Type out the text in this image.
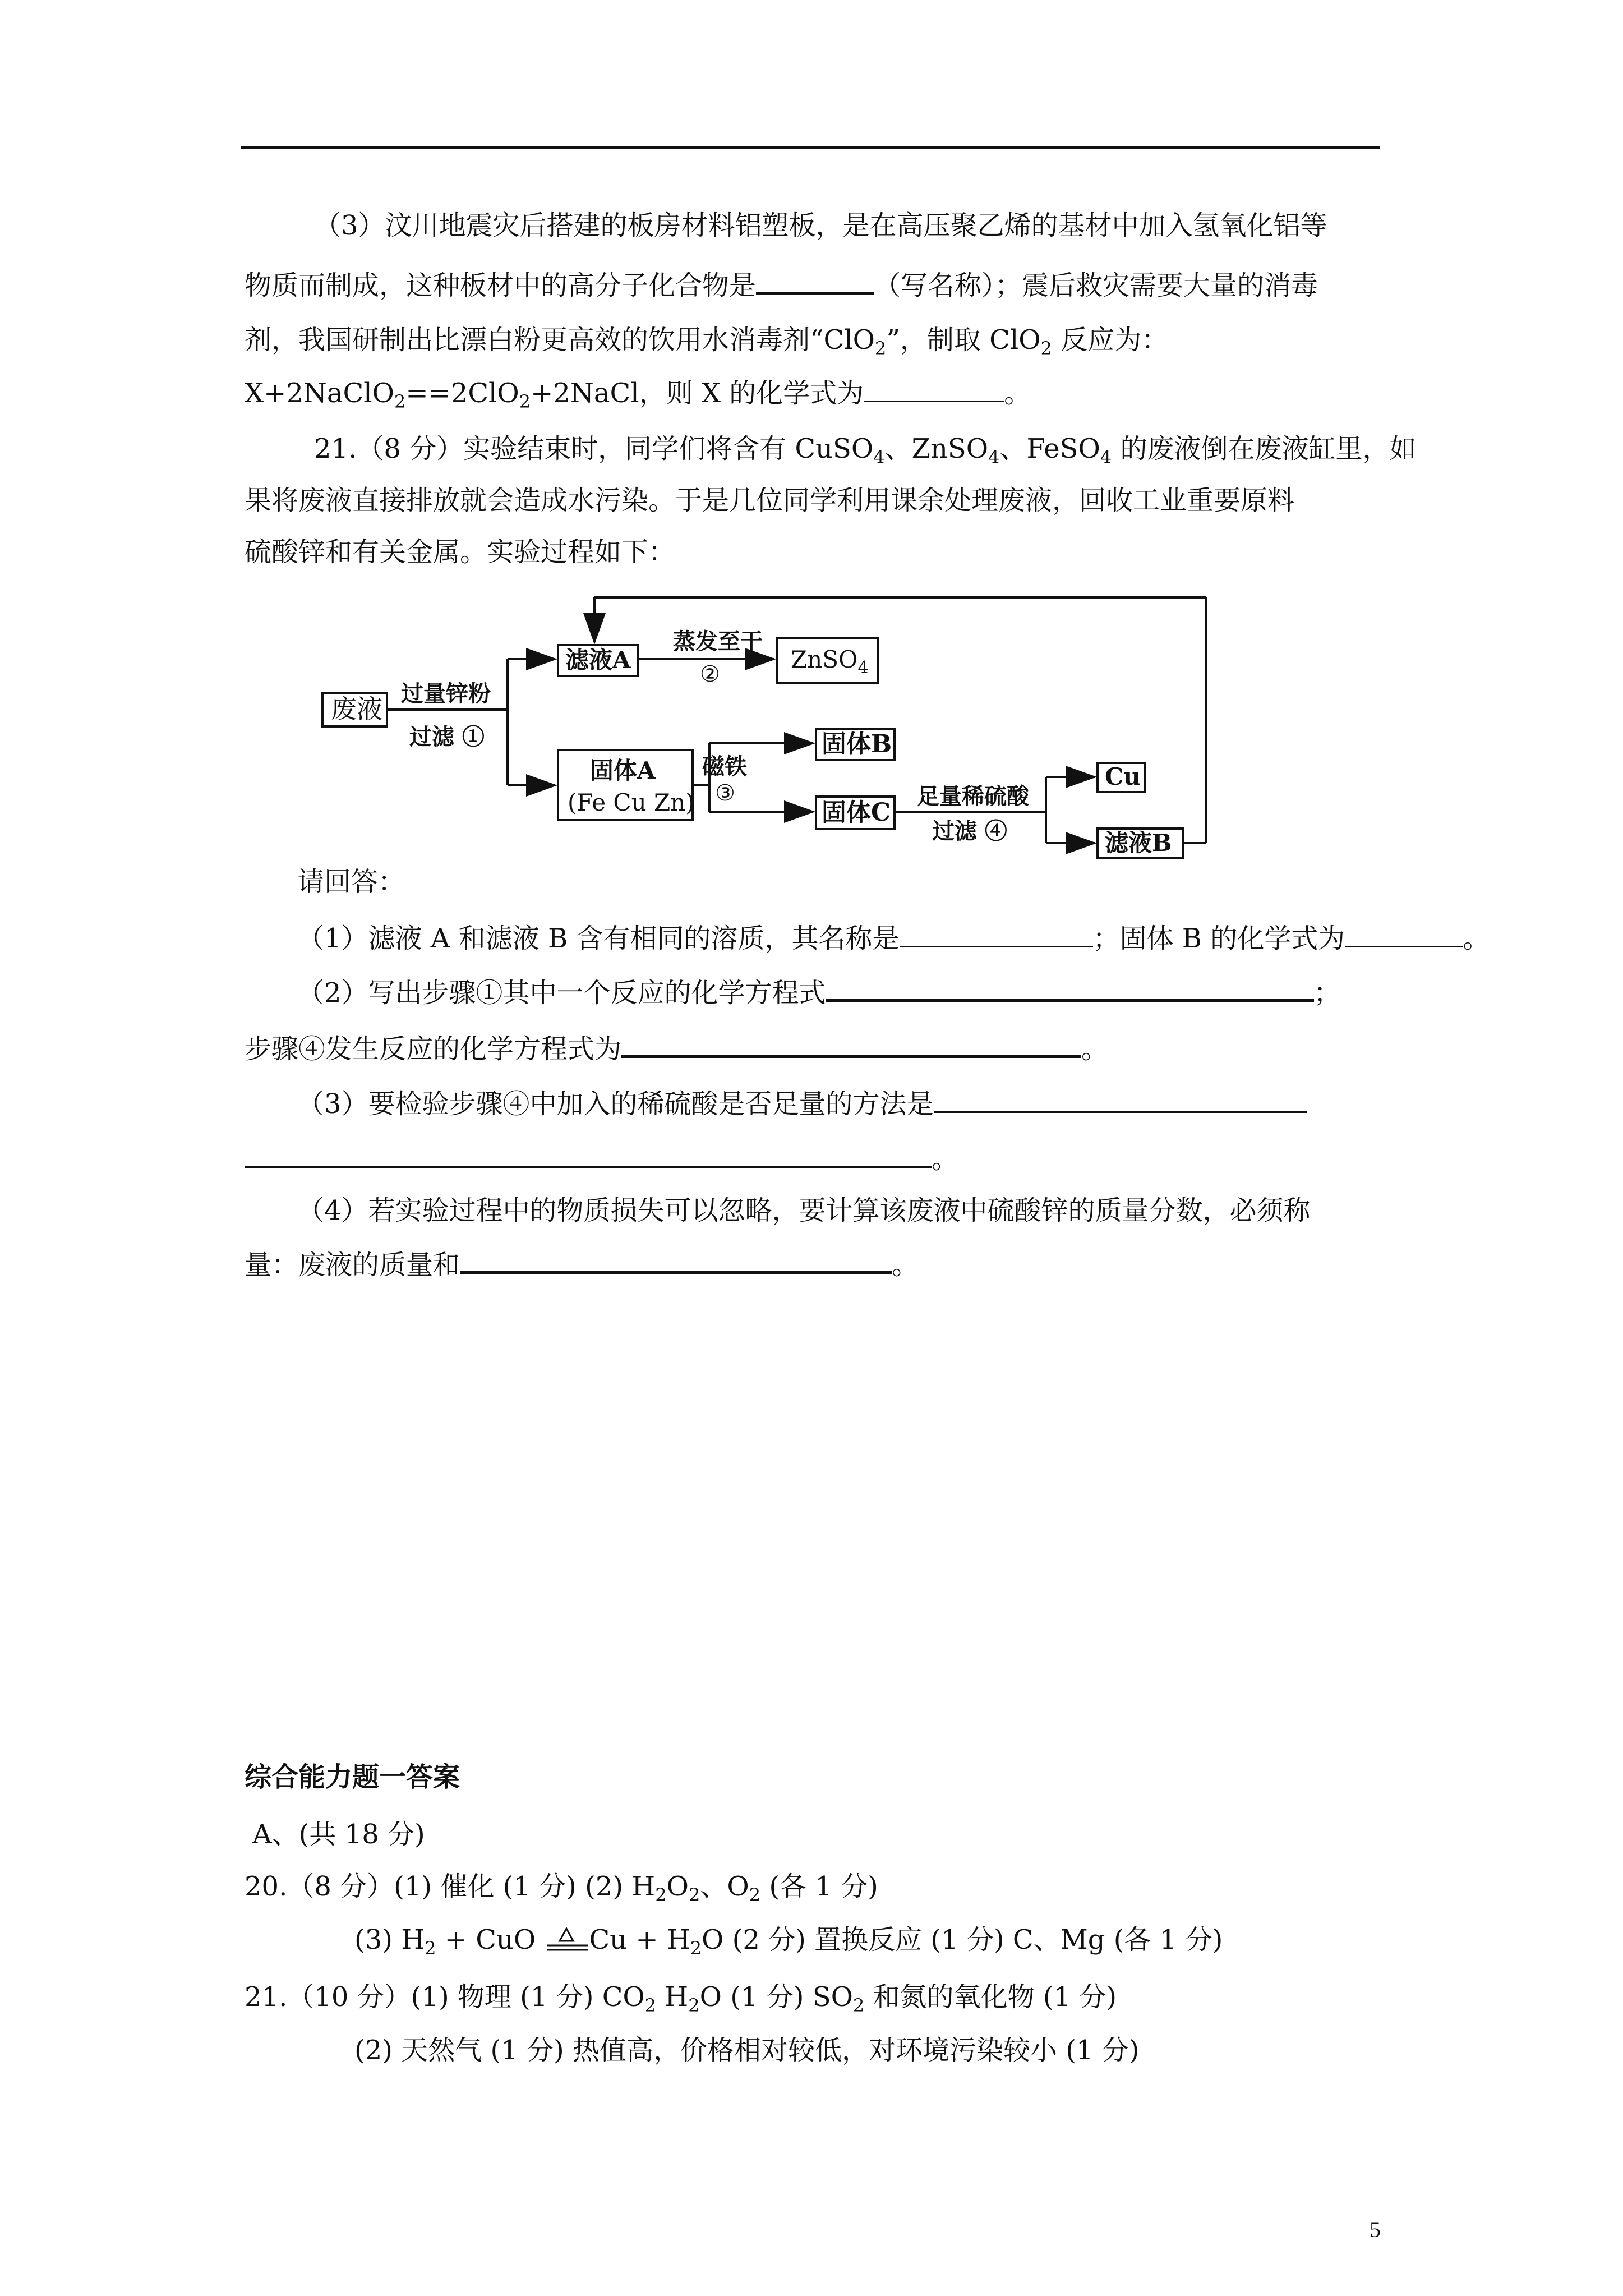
（3）汶川地震灾后搭建的板房材料铝塑板，是在高压聚乙烯的基材中加入氢氧化铝等
物质而制成，这种板材中的高分子化合物是	（写名称）；震后救灾需要大量的消毒
剂，我国研制出比漂白粉更高效的饮用水消毒剂“ClO$_2$”，制取 ClO$_2$ 反应为：
X+2NaClO$_2$==2ClO$_2$+2NaCl，则 X 的化学式为	。
21.（8 分）实验结束时，同学们将含有 CuSO$_4$、ZnSO$_4$、FeSO$_4$ 的废液倒在废液缸里，如
果将废液直接排放就会造成水污染。于是几位同学利用课余处理废液，回收工业重要原料
硫酸锌和有关金属。实验过程如下：
废液
过量锌粉
过滤 ①
滤液A
蒸发至干
②
ZnSO$_4$
固体A
(Fe Cu Zn)
磁铁
③
固体B
固体C
足量稀硫酸
过滤 ④
Cu
滤液B
请回答：
（1）滤液 A 和滤液 B 含有相同的溶质，其名称是	；固体 B 的化学式为	。
（2）写出步骤①其中一个反应的化学方程式	；
步骤④发生反应的化学方程式为	。
（3）要检验步骤④中加入的稀硫酸是否足量的方法是
。
（4）若实验过程中的物质损失可以忽略，要计算该废液中硫酸锌的质量分数，必须称
量：废液的质量和	。
综合能力题一答案
A、(共 18 分)
20.（8 分）(1) 催化 (1 分) (2) $H_2O_2$、$O_2$ (各 1 分)
(3) $H_2$ + CuO $Cu + H_2O$ (2 分) 置换反应 (1 分) C、Mg (各 1 分)
21.（10 分）(1) 物理 (1 分) $CO_2$ $H_2O$ (1 分) $SO_2$ 和氮的氧化物 (1 分)
(2) 天然气 (1 分) 热值高，价格相对较低，对环境污染较小 (1 分)
5
